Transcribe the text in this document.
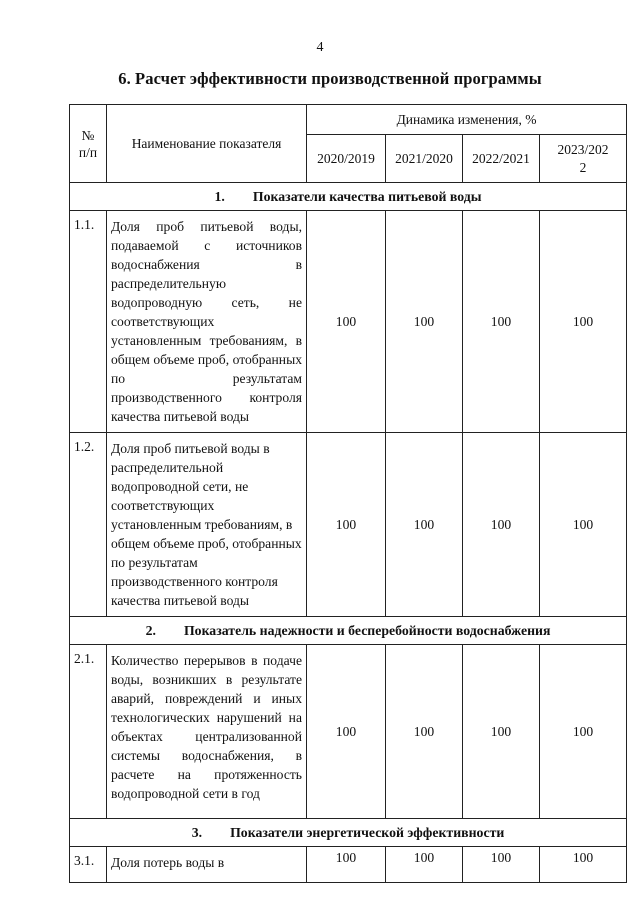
4
6. Расчет эффективности производственной программы
№
п/п	Наименование показателя	Динамика изменения, %			
		2020/2019	2021/2020	2022/2021	2023/202
2

1. Показатели качества питьевой воды					
1.1.	Доля проб питьевой воды, подаваемой с источников водоснабжения в распределительную водопроводную сеть, не соответствующих установленным требованиям, в общем объеме проб, отобранных по результатам производственного контроля качества питьевой воды	100	100	100	100
1.2.	Доля проб питьевой воды в распределительной водопроводной сети, не соответствующих установленным требованиям, в общем объеме проб, отобранных по результатам производственного контроля качества питьевой воды	100	100	100	100
2. Показатель надежности и бесперебойности водоснабжения					
2.1.	Количество перерывов в подаче воды, возникших в результате аварий, повреждений и иных технологических нарушений на объектах централизованной системы водоснабжения, в расчете на протяженность водопроводной сети в год	100	100	100	100
3. Показатели энергетической эффективности					
3.1.	Доля потерь воды в	100	100	100	100
